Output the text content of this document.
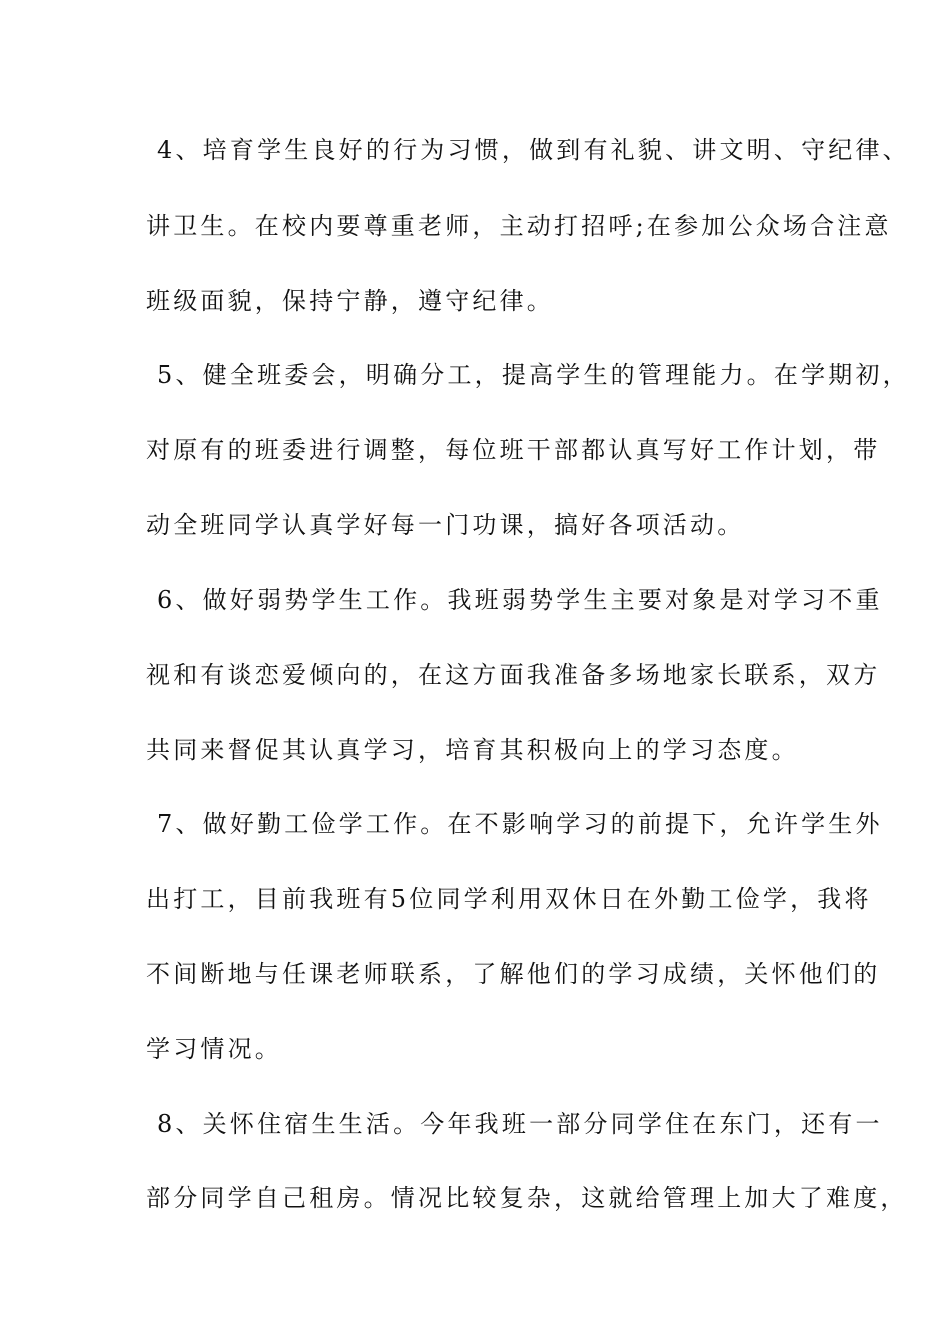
4、培育学生良好的行为习惯，做到有礼貌、讲文明、守纪律、
讲卫生。在校内要尊重老师，主动打招呼;在参加公众场合注意
班级面貌，保持宁静，遵守纪律。
5、健全班委会，明确分工，提高学生的管理能力。在学期初，
对原有的班委进行调整，每位班干部都认真写好工作计划，带
动全班同学认真学好每一门功课，搞好各项活动。
6、做好弱势学生工作。我班弱势学生主要对象是对学习不重
视和有谈恋爱倾向的，在这方面我准备多场地家长联系，双方
共同来督促其认真学习，培育其积极向上的学习态度。
7、做好勤工俭学工作。在不影响学习的前提下，允许学生外
出打工，目前我班有5位同学利用双休日在外勤工俭学，我将
不间断地与任课老师联系，了解他们的学习成绩，关怀他们的
学习情况。
8、关怀住宿生生活。今年我班一部分同学住在东门，还有一
部分同学自己租房。情况比较复杂，这就给管理上加大了难度，
